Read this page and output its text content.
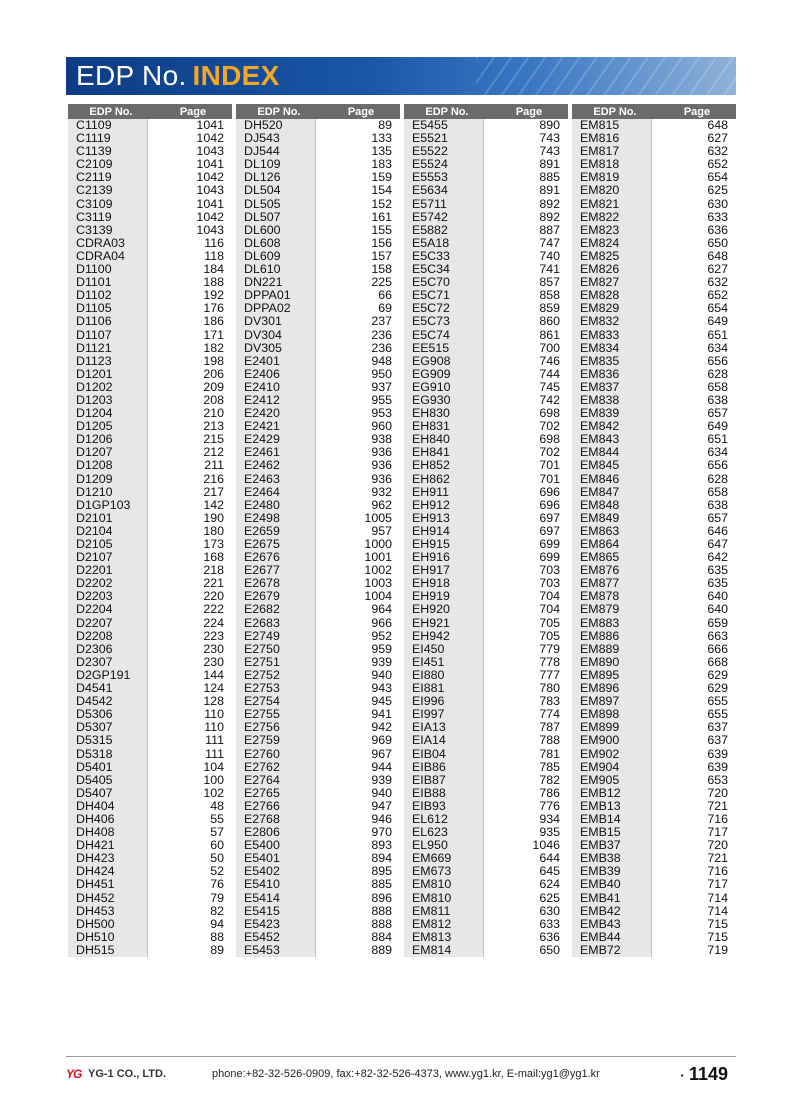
EDP No. INDEX
EDP No.	Page
C1109	1041
C1119	1042
C1139	1043
C2109	1041
C2119	1042
C2139	1043
C3109	1041
C3119	1042
C3139	1043
CDRA03	116
CDRA04	118
D1100	184
D1101	188
D1102	192
D1105	176
D1106	186
D1107	171
D1121	182
D1123	198
D1201	206
D1202	209
D1203	208
D1204	210
D1205	213
D1206	215
D1207	212
D1208	211
D1209	216
D1210	217
D1GP103	142
D2101	190
D2104	180
D2105	173
D2107	168
D2201	218
D2202	221
D2203	220
D2204	222
D2207	224
D2208	223
D2306	230
D2307	230
D2GP191	144
D4541	124
D4542	128
D5306	110
D5307	110
D5315	111
D5318	111
D5401	104
D5405	100
D5407	102
DH404	48
DH406	55
DH408	57
DH421	60
DH423	50
DH424	52
DH451	76
DH452	79
DH453	82
DH500	94
DH510	88
DH515	89
EDP No.	Page
DH520	89
DJ543	133
DJ544	135
DL109	183
DL126	159
DL504	154
DL505	152
DL507	161
DL600	155
DL608	156
DL609	157
DL610	158
DN221	225
DPPA01	66
DPPA02	69
DV301	237
DV304	236
DV305	236
E2401	948
E2406	950
E2410	937
E2412	955
E2420	953
E2421	960
E2429	938
E2461	936
E2462	936
E2463	936
E2464	932
E2480	962
E2498	1005
E2659	957
E2675	1000
E2676	1001
E2677	1002
E2678	1003
E2679	1004
E2682	964
E2683	966
E2749	952
E2750	959
E2751	939
E2752	940
E2753	943
E2754	945
E2755	941
E2756	942
E2759	969
E2760	967
E2762	944
E2764	939
E2765	940
E2766	947
E2768	946
E2806	970
E5400	893
E5401	894
E5402	895
E5410	885
E5414	896
E5415	888
E5423	888
E5452	884
E5453	889
EDP No.	Page
E5455	890
E5521	743
E5522	743
E5524	891
E5553	885
E5634	891
E5711	892
E5742	892
E5882	887
E5A18	747
E5C33	740
E5C34	741
E5C70	857
E5C71	858
E5C72	859
E5C73	860
E5C74	861
EE515	700
EG908	746
EG909	744
EG910	745
EG930	742
EH830	698
EH831	702
EH840	698
EH841	702
EH852	701
EH862	701
EH911	696
EH912	696
EH913	697
EH914	697
EH915	699
EH916	699
EH917	703
EH918	703
EH919	704
EH920	704
EH921	705
EH942	705
EI450	779
EI451	778
EI880	777
EI881	780
EI996	783
EI997	774
EIA13	787
EIA14	788
EIB04	781
EIB86	785
EIB87	782
EIB88	786
EIB93	776
EL612	934
EL623	935
EL950	1046
EM669	644
EM673	645
EM810	624
EM810	625
EM811	630
EM812	633
EM813	636
EM814	650
EDP No.	Page
EM815	648
EM816	627
EM817	632
EM818	652
EM819	654
EM820	625
EM821	630
EM822	633
EM823	636
EM824	650
EM825	648
EM826	627
EM827	632
EM828	652
EM829	654
EM832	649
EM833	651
EM834	634
EM835	656
EM836	628
EM837	658
EM838	638
EM839	657
EM842	649
EM843	651
EM844	634
EM845	656
EM846	628
EM847	658
EM848	638
EM849	657
EM863	646
EM864	647
EM865	642
EM876	635
EM877	635
EM878	640
EM879	640
EM883	659
EM886	663
EM889	666
EM890	668
EM895	629
EM896	629
EM897	655
EM898	655
EM899	637
EM900	637
EM902	639
EM904	639
EM905	653
EMB12	720
EMB13	721
EMB14	716
EMB15	717
EMB37	720
EMB38	721
EMB39	716
EMB40	717
EMB41	714
EMB42	714
EMB43	715
EMB44	715
EMB72	719
YG YG-1 CO., LTD.	phone:+82-32-526-0909, fax:+82-32-526-4373, www.yg1.kr, E-mail:yg1@yg1.kr	· 1149
